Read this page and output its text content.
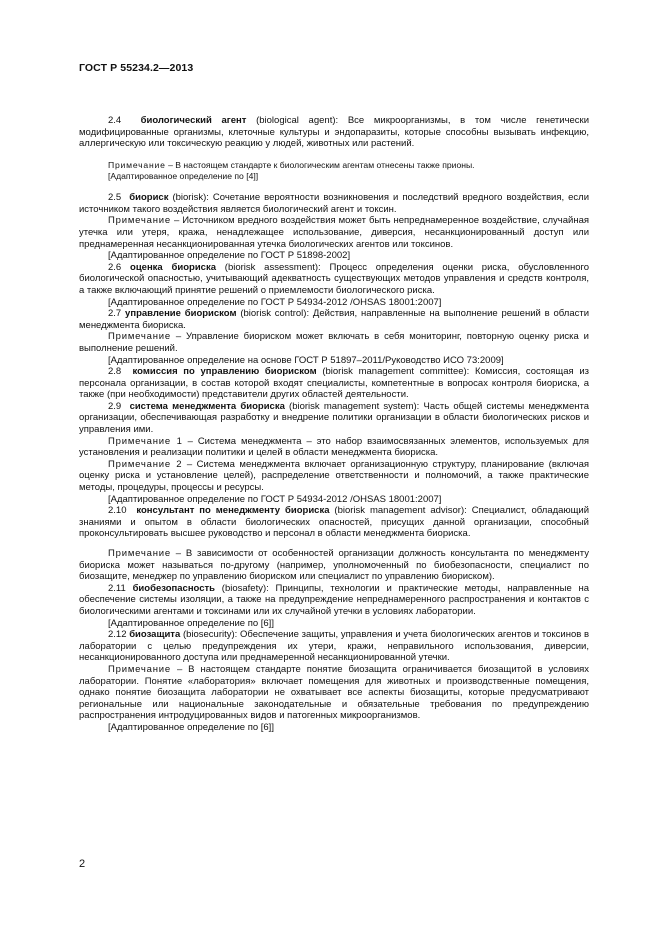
ГОСТ Р 55234.2—2013

2.4 биологический агент (biological agent): Все микроорганизмы, в том числе генетически модифицированные организмы, клеточные культуры и эндопаразиты, которые способны вызывать инфекцию, аллергическую или токсическую реакцию у людей, животных или растений.

Примечание – В настоящем стандарте к биологическим агентам отнесены также прионы.

[Адаптированное определение по [4]]

2.5 биориск (biorisk): Сочетание вероятности возникновения и последствий вредного воздействия, если источником такого воздействия является биологический агент и токсин.

Примечание – Источником вредного воздействия может быть непреднамеренное воздействие, случайная утечка или утеря, кража, ненадлежащее использование, диверсия, несанкционированный доступ или преднамеренная несанкционированная утечка биологических агентов или токсинов.

[Адаптированное определение по ГОСТ Р 51898-2002]

2.6 оценка биориска (biorisk assessment): Процесс определения оценки риска, обусловленного биологической опасностью, учитывающий адекватность существующих методов управления и средств контроля, а также включающий принятие решений о приемлемости биологического риска.

[Адаптированное определение по ГОСТ Р 54934-2012 /OHSAS 18001:2007]

2.7 управление биориском (biorisk control): Действия, направленные на выполнение решений в области менеджмента биориска.

Примечание – Управление биориском может включать в себя мониторинг, повторную оценку риска и выполнение решений.

[Адаптированное определение на основе ГОСТ Р 51897–2011/Руководство ИСО 73:2009]

2.8 комиссия по управлению биориском (biorisk management committee): Комиссия, состоящая из персонала организации, в состав которой входят специалисты, компетентные в вопросах контроля биориска, а также (при необходимости) представители других областей деятельности.

2.9 система менеджмента биориска (biorisk management system): Часть общей системы менеджмента организации, обеспечивающая разработку и внедрение политики организации в области биологических рисков и управления ими.

Примечание 1 – Система менеджмента – это набор взаимосвязанных элементов, используемых для установления и реализации политики и целей в области менеджмента биориска.

Примечание 2 – Система менеджмента включает организационную структуру, планирование (включая оценку риска и установление целей), распределение ответственности и полномочий, а также практические методы, процедуры, процессы и ресурсы.

[Адаптированное определение по ГОСТ Р 54934-2012 /OHSAS 18001:2007]

2.10 консультант по менеджменту биориска (biorisk management advisor): Специалист, обладающий знаниями и опытом в области биологических опасностей, присущих данной организации, способный проконсультировать высшее руководство и персонал в области менеджмента биориска.

Примечание – В зависимости от особенностей организации должность консультанта по менеджменту биориска может называться по-другому (например, уполномоченный по биобезопасности, специалист по биозащите, менеджер по управлению биориском или специалист по управлению биориском).

2.11 биобезопасность (biosafety): Принципы, технологии и практические методы, направленные на обеспечение системы изоляции, а также на предупреждение непреднамеренного распространения и контактов с биологическими агентами и токсинами или их случайной утечки в условиях лаборатории.

[Адаптированное определение по [6]]

2.12 биозащита (biosecurity): Обеспечение защиты, управления и учета биологических агентов и токсинов в лаборатории с целью предупреждения их утери, кражи, неправильного использования, диверсии, несанкционированного доступа или преднамеренной несанкционированной утечки.

Примечание – В настоящем стандарте понятие биозащита ограничивается биозащитой в условиях лаборатории. Понятие «лаборатория» включает помещения для животных и производственные помещения, однако понятие биозащита лаборатории не охватывает все аспекты биозащиты, которые предусматривают региональные или национальные законодательные и обязательные требования по предупреждению распространения интродуцированных видов и патогенных микроорганизмов.

[Адаптированное определение по [6]]

2
